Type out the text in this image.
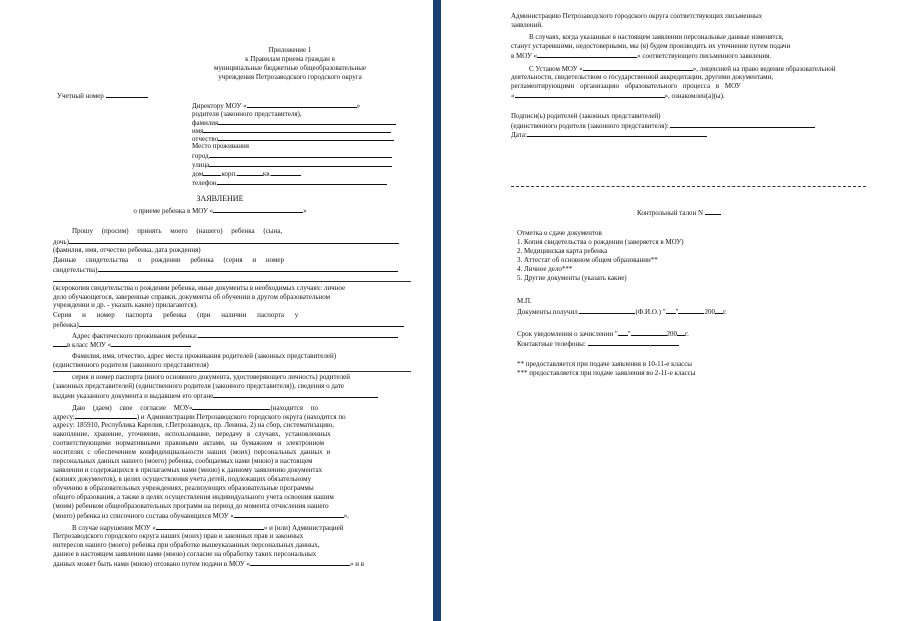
Приложение 1
к Правилам приема граждан в
муниципальные бюджетные общеобразовательные
учреждения Петрозаводского городского округа
Учетный номер
Директору МОУ «	»
родителя (законного представителя),
фамилия
имя
отчество
Место проживания
город
улица
дом	корп.	кв.
телефон
ЗАЯВЛЕНИЕ
о приеме ребенка в МОУ «	»
Прошу (просим) принять моего (нашего) ребенка (сына,
дочь)
(фамилия, имя, отчество ребенка, дата рождения)
Данные свидетельства о рождении ребенка (серия и номер
свидетельства)
(ксерокопия свидетельства о рождении ребенка, иные документы в необходимых случаях: личное
дело обучающегося, заверенные справки, документы об обучении в другом образовательном
учреждении и др. - указать какие) прилагаются).
Серия и номер паспорта ребенка (при наличии паспорта у
ребенка)
Адрес фактического проживания ребенка:
в класс МОУ «
Фамилия, имя, отчество, адрес места проживания родителей (законных представителей)
(единственного родителя (законного представителя)
серия и номер паспорта (иного основного документа, удостоверяющего личность) родителей
(законных представителей) (единственного родителя (законного представителя)), сведения о дате
выдачи указанного документа и выдавшем его органе
Даю (даем) свое согласие МОУ«	(находится по
адресу:	) и Администрации Петрозаводского городского округа (находится по
адресу: 185910, Республика Карелия, г.Петрозаводск, пр. Ленина, 2) на сбор, систематизацию,
накопление, хранение, уточнение, использование, передачу в случаях, установленных
соответствующими нормативными правовыми актами, на бумажном и электронном
носителях с обеспечением конфиденциальности наших (моих) персональных данных и
персональных данных нашего (моего) ребенка, сообщаемых нами (мною) в настоящем
заявлении и содержащихся в прилагаемых нами (мною) к данному заявлению документах
(копиях документов), в целях осуществления учета детей, подлежащих обязательному
обучению в образовательных учреждениях, реализующих образовательные программы
общего образования, а также в целях осуществления индивидуального учета освоения нашим
(моим) ребенком общеобразовательных программ на период до момента отчисления нашего
(моего) ребенка из списочного состава обучающихся МОУ «	».
В случае нарушения МОУ «	» и (или) Администрацией
Петрозаводского городского округа наших (моих) прав и законных прав и законных
интересов нашего (моего) ребенка при обработке вышеуказанных персональных данных,
данное в настоящем заявлении нами (мною) согласие на обработку таких персональных
данных может быть нами (мною) отозвано путем подачи в МОУ «	» и в
Администрацию Петрозаводского городского округа соответствующих письменных
заявлений.
В случаях, когда указанные в настоящем заявлении персональные данные изменятся,
станут устаревшими, недостоверными, мы (я) будем производить их уточнение путем подачи
в МОУ «	» соответствующего письменного заявления.
С Уставом МОУ «	», лицензией на право ведения образовательной
деятельности, свидетельством о государственной аккредитации, другими документами,
регламентирующими организацию образовательного процесса в МОУ
«	», ознакомлен(а)(ы).
Подписи(ь) родителей (законных представителей)
(единственного родителя (законного представителя):
Дата:
Контрольный талон N
Отметка о сдаче документов
1. Копия свидетельства о рождении (заверяется в МОУ)
2. Медицинская карта ребенка
3. Аттестат об основном общем образовании**
4. Личное дело***
5. Другие документы (указать какие)
М.П.
Документы получил	(Ф.И.О.) " "	200 г.
Срок уведомления о зачислении " "	200 г.
Контактные телефоны:	,
** предоставляется при подаче заявления в 10-11-е классы
*** предоставляется при подаче заявления во 2-11-е классы
